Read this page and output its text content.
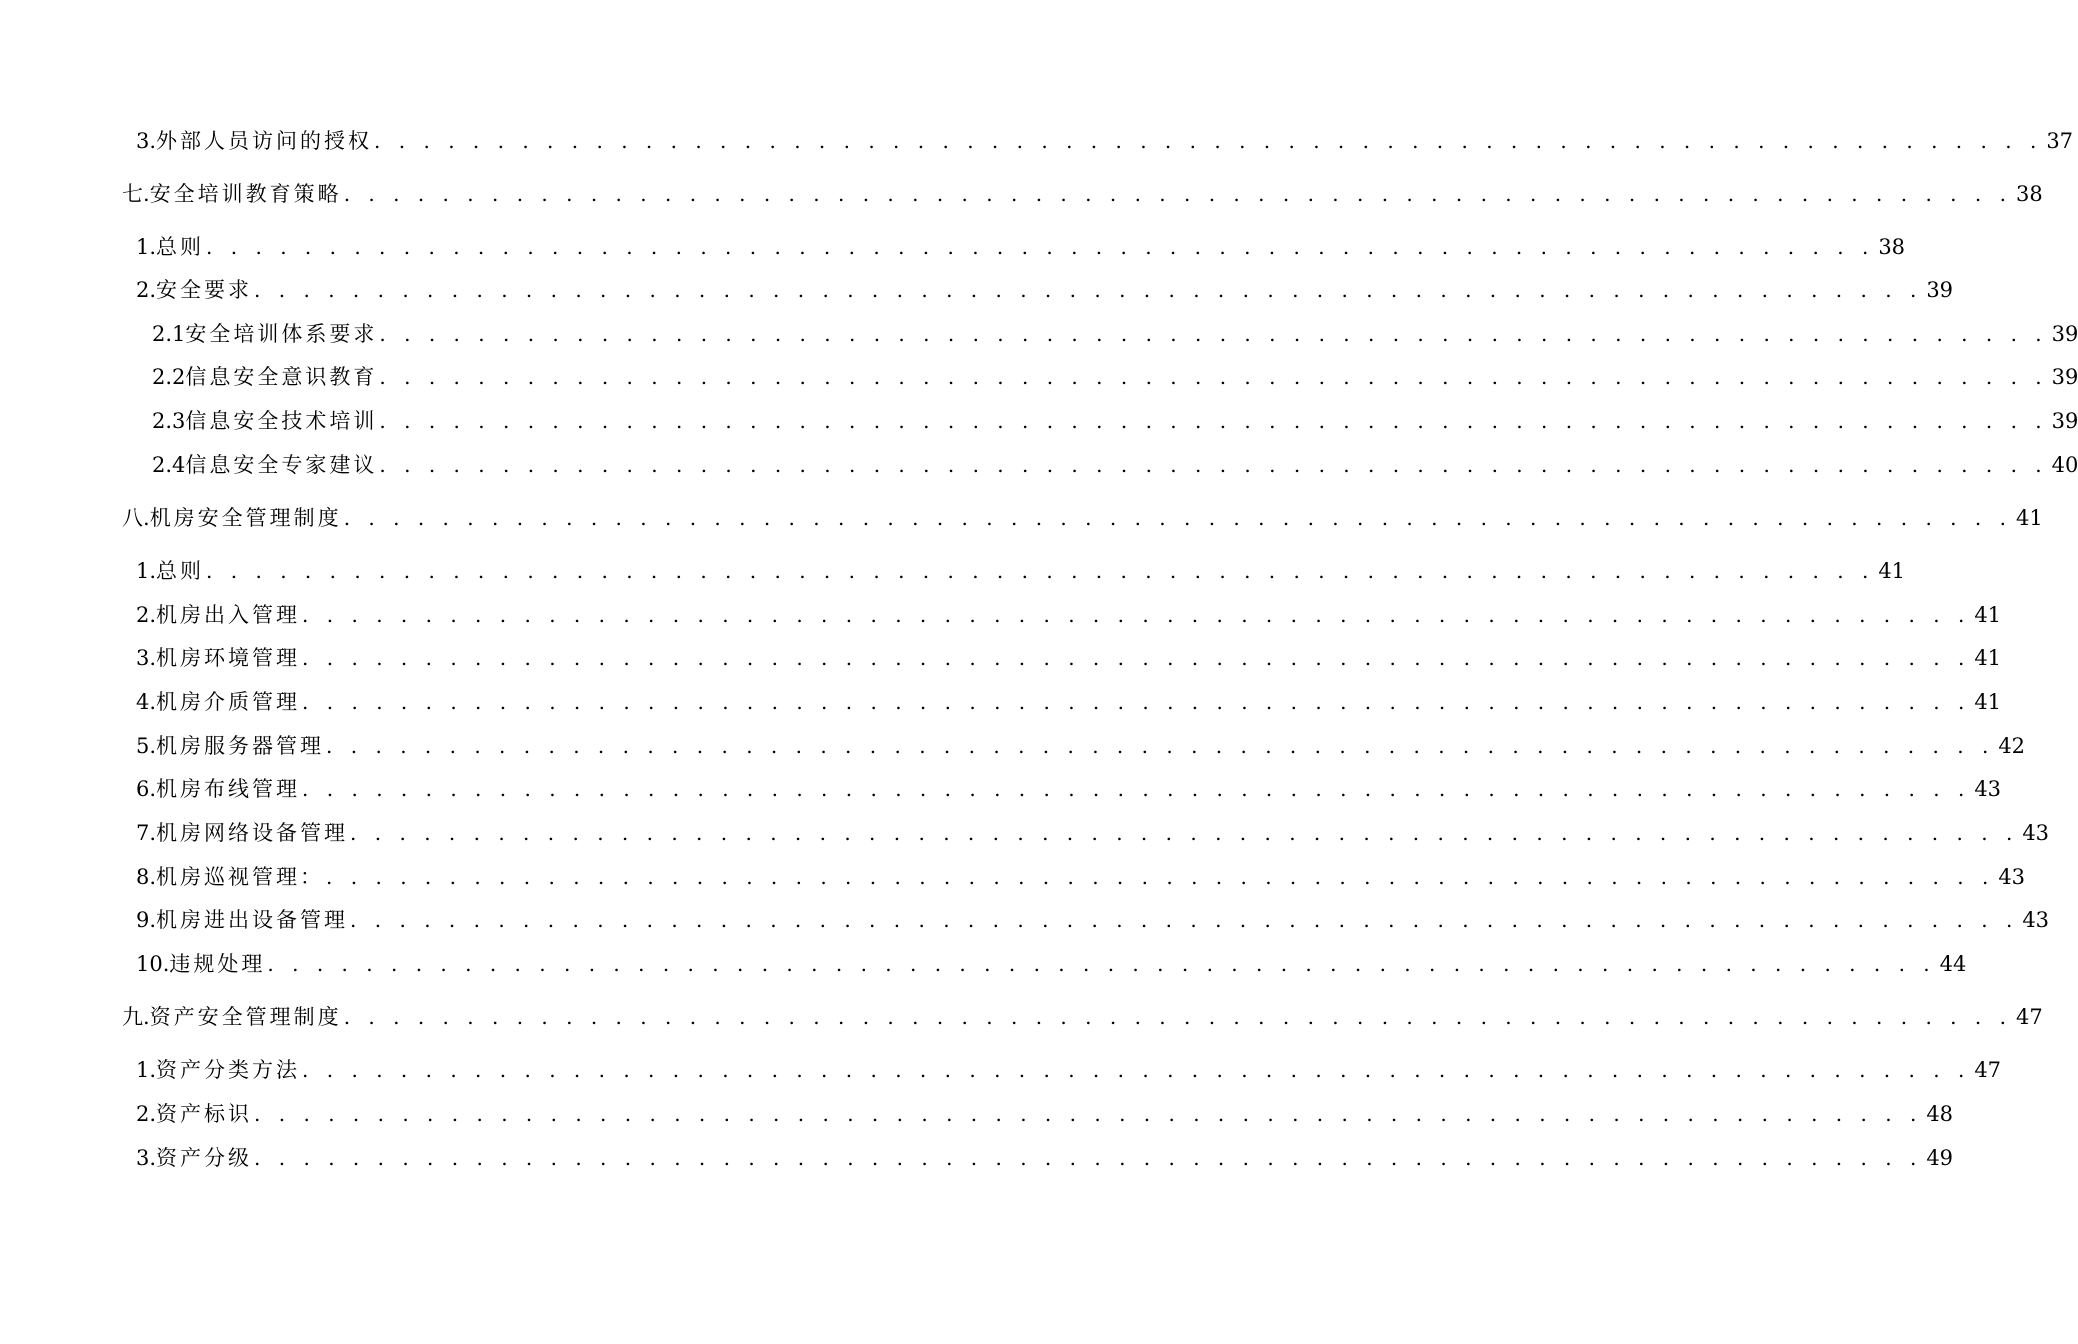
3. 外部人员访问的授权 . . . . . . . . . . . . . . . . . . . . . . . . . . . . . . . . . . . . . . . . . . . . . . . . . . . . . . . . . . . . . . . . . . . . 37
七. 安全培训教育策略 . . . . . . . . . . . . . . . . . . . . . . . . . . . . . . . . . . . . . . . . . . . . . . . . . . . . . . . . . . . . . . . . . . . . 38
1. 总则 . . . . . . . . . . . . . . . . . . . . . . . . . . . . . . . . . . . . . . . . . . . . . . . . . . . . . . . . . . . . . . . . . . . . 38
2. 安全要求 . . . . . . . . . . . . . . . . . . . . . . . . . . . . . . . . . . . . . . . . . . . . . . . . . . . . . . . . . . . . . . . . . . . . 39
2.1 安全培训体系要求 . . . . . . . . . . . . . . . . . . . . . . . . . . . . . . . . . . . . . . . . . . . . . . . . . . . . . . . . . . . . . . . . . . . . 39
2.2 信息安全意识教育 . . . . . . . . . . . . . . . . . . . . . . . . . . . . . . . . . . . . . . . . . . . . . . . . . . . . . . . . . . . . . . . . . . . . 39
2.3 信息安全技术培训 . . . . . . . . . . . . . . . . . . . . . . . . . . . . . . . . . . . . . . . . . . . . . . . . . . . . . . . . . . . . . . . . . . . . 39
2.4 信息安全专家建议 . . . . . . . . . . . . . . . . . . . . . . . . . . . . . . . . . . . . . . . . . . . . . . . . . . . . . . . . . . . . . . . . . . . . 40
八. 机房安全管理制度 . . . . . . . . . . . . . . . . . . . . . . . . . . . . . . . . . . . . . . . . . . . . . . . . . . . . . . . . . . . . . . . . . . . . 41
1. 总则 . . . . . . . . . . . . . . . . . . . . . . . . . . . . . . . . . . . . . . . . . . . . . . . . . . . . . . . . . . . . . . . . . . . . 41
2. 机房出入管理 . . . . . . . . . . . . . . . . . . . . . . . . . . . . . . . . . . . . . . . . . . . . . . . . . . . . . . . . . . . . . . . . . . . . 41
3. 机房环境管理 . . . . . . . . . . . . . . . . . . . . . . . . . . . . . . . . . . . . . . . . . . . . . . . . . . . . . . . . . . . . . . . . . . . . 41
4. 机房介质管理 . . . . . . . . . . . . . . . . . . . . . . . . . . . . . . . . . . . . . . . . . . . . . . . . . . . . . . . . . . . . . . . . . . . . 41
5. 机房服务器管理 . . . . . . . . . . . . . . . . . . . . . . . . . . . . . . . . . . . . . . . . . . . . . . . . . . . . . . . . . . . . . . . . . . . . 42
6. 机房布线管理 . . . . . . . . . . . . . . . . . . . . . . . . . . . . . . . . . . . . . . . . . . . . . . . . . . . . . . . . . . . . . . . . . . . . 43
7. 机房网络设备管理 . . . . . . . . . . . . . . . . . . . . . . . . . . . . . . . . . . . . . . . . . . . . . . . . . . . . . . . . . . . . . . . . . . . . 43
8. 机房巡视管理： . . . . . . . . . . . . . . . . . . . . . . . . . . . . . . . . . . . . . . . . . . . . . . . . . . . . . . . . . . . . . . . . . . . . 43
9. 机房进出设备管理 . . . . . . . . . . . . . . . . . . . . . . . . . . . . . . . . . . . . . . . . . . . . . . . . . . . . . . . . . . . . . . . . . . . . 43
10. 违规处理 . . . . . . . . . . . . . . . . . . . . . . . . . . . . . . . . . . . . . . . . . . . . . . . . . . . . . . . . . . . . . . . . . . . . 44
九. 资产安全管理制度 . . . . . . . . . . . . . . . . . . . . . . . . . . . . . . . . . . . . . . . . . . . . . . . . . . . . . . . . . . . . . . . . . . . . 47
1. 资产分类方法 . . . . . . . . . . . . . . . . . . . . . . . . . . . . . . . . . . . . . . . . . . . . . . . . . . . . . . . . . . . . . . . . . . . . 47
2. 资产标识 . . . . . . . . . . . . . . . . . . . . . . . . . . . . . . . . . . . . . . . . . . . . . . . . . . . . . . . . . . . . . . . . . . . . 48
3. 资产分级 . . . . . . . . . . . . . . . . . . . . . . . . . . . . . . . . . . . . . . . . . . . . . . . . . . . . . . . . . . . . . . . . . . . . 49
